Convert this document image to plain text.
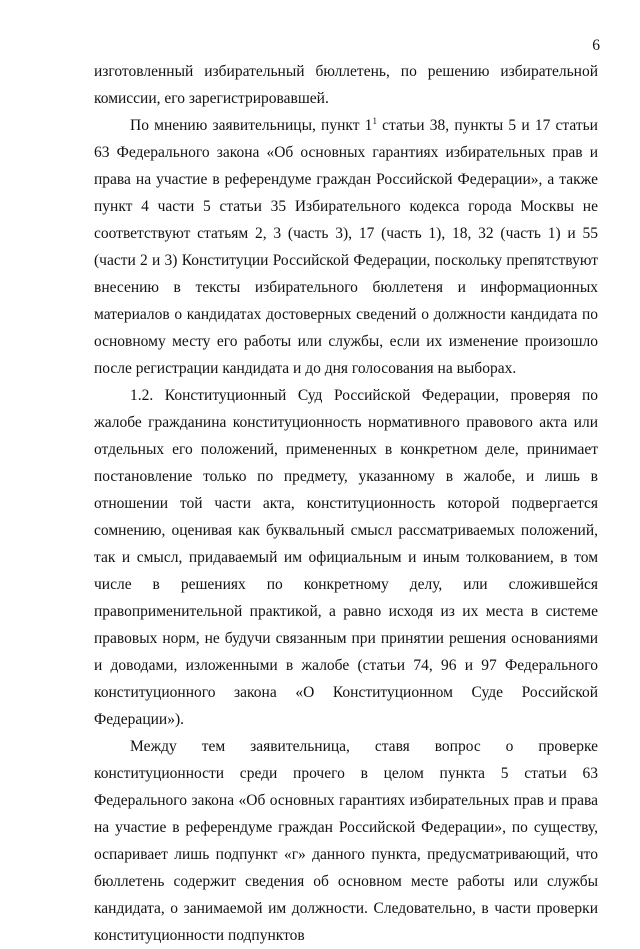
6

изготовленный избирательный бюллетень, по решению избирательной комиссии, его зарегистрировавшей.

По мнению заявительницы, пункт $1^1$ статьи 38, пункты 5 и 17 статьи 63 Федерального закона «Об основных гарантиях избирательных прав и права на участие в референдуме граждан Российской Федерации», а также пункт 4 части 5 статьи 35 Избирательного кодекса города Москвы не соответствуют статьям 2, 3 (часть 3), 17 (часть 1), 18, 32 (часть 1) и 55 (части 2 и 3) Конституции Российской Федерации, поскольку препятствуют внесению в тексты избирательного бюллетеня и информационных материалов о кандидатах достоверных сведений о должности кандидата по основному месту его работы или службы, если их изменение произошло после регистрации кандидата и до дня голосования на выборах.

1.2. Конституционный Суд Российской Федерации, проверяя по жалобе гражданина конституционность нормативного правового акта или отдельных его положений, примененных в конкретном деле, принимает постановление только по предмету, указанному в жалобе, и лишь в отношении той части акта, конституционность которой подвергается сомнению, оценивая как буквальный смысл рассматриваемых положений, так и смысл, придаваемый им официальным и иным толкованием, в том числе в решениях по конкретному делу, или сложившейся правоприменительной практикой, а равно исходя из их места в системе правовых норм, не будучи связанным при принятии решения основаниями и доводами, изложенными в жалобе (статьи 74, 96 и 97 Федерального конституционного закона «О Конституционном Суде Российской Федерации»).

Между тем заявительница, ставя вопрос о проверке конституционности среди прочего в целом пункта 5 статьи 63 Федерального закона «Об основных гарантиях избирательных прав и права на участие в референдуме граждан Российской Федерации», по существу, оспаривает лишь подпункт «г» данного пункта, предусматривающий, что бюллетень содержит сведения об основном месте работы или службы кандидата, о занимаемой им должности. Следовательно, в части проверки конституционности подпунктов
